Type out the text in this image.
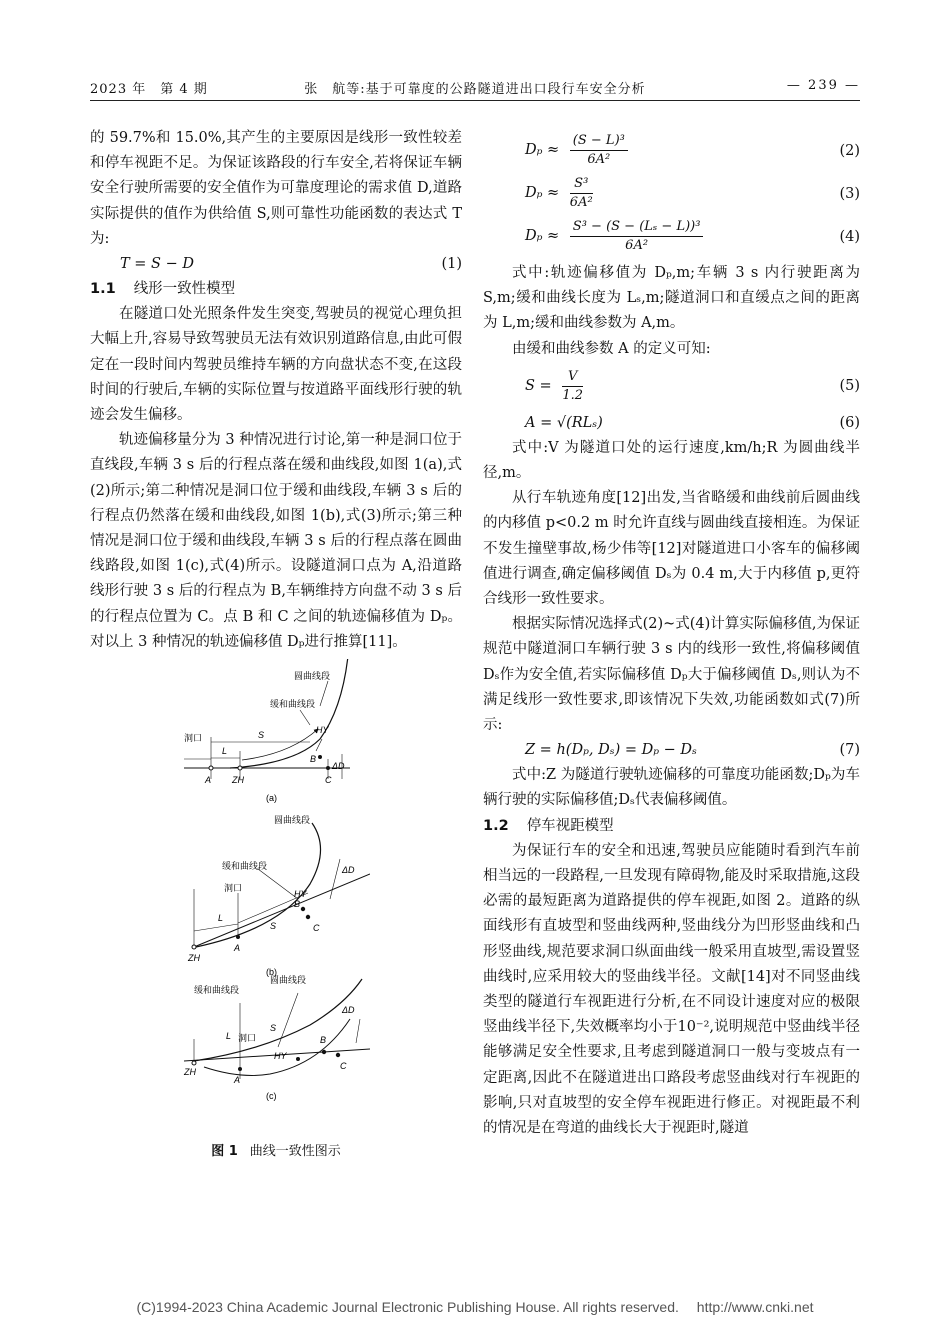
2023 年　第 4 期	张　航等:基于可靠度的公路隧道进出口段行车安全分析	— 239 —

的 59.7%和 15.0%,其产生的主要原因是线形一致性较差和停车视距不足。为保证该路段的行车安全,若将保证车辆安全行驶所需要的安全值作为可靠度理论的需求值 D,道路实际提供的值作为供给值 S,则可靠性功能函数的表达式 T 为:

T = S − D	(1)
1.1 线形一致性模型

在隧道口处光照条件发生突变,驾驶员的视觉心理负担大幅上升,容易导致驾驶员无法有效识别道路信息,由此可假定在一段时间内驾驶员维持车辆的方向盘状态不变,在这段时间的行驶后,车辆的实际位置与按道路平面线形行驶的轨迹会发生偏移。

轨迹偏移量分为 3 种情况进行讨论,第一种是洞口位于直线段,车辆 3 s 后的行程点落在缓和曲线段,如图 1(a),式(2)所示;第二种情况是洞口位于缓和曲线段,车辆 3 s 后的行程点仍然落在缓和曲线段,如图 1(b),式(3)所示;第三种情况是洞口位于缓和曲线段,车辆 3 s 后的行程点落在圆曲线路段,如图 1(c),式(4)所示。设隧道洞口点为 A,沿道路线形行驶 3 s 后的行程点为 B,车辆维持方向盘不动 3 s 后的行程点位置为 C。点 B 和 C 之间的轨迹偏移值为 Dₚ。对以上 3 种情况的轨迹偏移值 Dₚ进行推算[11]。

圆曲线段
缓和曲线段
HY
洞口	S
L
B
C
ΔD
A ZH
(a)
圆曲线段
缓和曲线段
HY
洞口
S
L
B
C
ΔD
A
ZH
(b)
圆曲线段
缓和曲线段
HY
洞口
S
L	B
C
ΔD
A
ZH
(c)
图 1 曲线一致性图示
$D_p \approx \frac{\text{(S − L)³}}{\text{6A²}}$	(2)
$D_p \approx \frac{\text{S³}}{\text{6A²}}$	(3)
$D_p \approx \frac{\text{S³ − (S − (Lₛ − L))³}}{\text{6A²}}$	(4)

式中:轨迹偏移值为 Dₚ,m;车辆 3 s 内行驶距离为 S,m;缓和曲线长度为 Lₛ,m;隧道洞口和直缓点之间的距离为 L,m;缓和曲线参数为 A,m。

由缓和曲线参数 A 的定义可知:

$S = \frac{V}{1.2}$	(5)
A = √(RLₛ)	(6)

式中:V 为隧道口处的运行速度,km/h;R 为圆曲线半径,m。

从行车轨迹角度[12]出发,当省略缓和曲线前后圆曲线的内移值 p<0.2 m 时允许直线与圆曲线直接相连。为保证不发生撞壁事故,杨少伟等[12]对隧道进口小客车的偏移阈值进行调查,确定偏移阈值 Dₛ为 0.4 m,大于内移值 p,更符合线形一致性要求。

根据实际情况选择式(2)~式(4)计算实际偏移值,为保证规范中隧道洞口车辆行驶 3 s 内的线形一致性,将偏移阈值 Dₛ作为安全值,若实际偏移值 Dₚ大于偏移阈值 Dₛ,则认为不满足线形一致性要求,即该情况下失效,功能函数如式(7)所示:

Z = h(Dₚ, Dₛ) = Dₚ − Dₛ	(7)

式中:Z 为隧道行驶轨迹偏移的可靠度功能函数;Dₚ为车辆行驶的实际偏移值;Dₛ代表偏移阈值。

1.2 停车视距模型

为保证行车的安全和迅速,驾驶员应能随时看到汽车前相当远的一段路程,一旦发现有障碍物,能及时采取措施,这段必需的最短距离为道路提供的停车视距,如图 2。道路的纵面线形有直坡型和竖曲线两种,竖曲线分为凹形竖曲线和凸形竖曲线,规范要求洞口纵面曲线一般采用直坡型,需设置竖曲线时,应采用较大的竖曲线半径。文献[14]对不同竖曲线类型的隧道行车视距进行分析,在不同设计速度对应的极限竖曲线半径下,失效概率均小于10⁻²,说明规范中竖曲线半径能够满足安全性要求,且考虑到隧道洞口一般与变坡点有一定距离,因此不在隧道进出口路段考虑竖曲线对行车视距的影响,只对直坡型的安全停车视距进行修正。对视距最不利的情况是在弯道的曲线长大于视距时,隧道

(C)1994-2023 China Academic Journal Electronic Publishing House. All rights reserved.　 http://www.cnki.net
